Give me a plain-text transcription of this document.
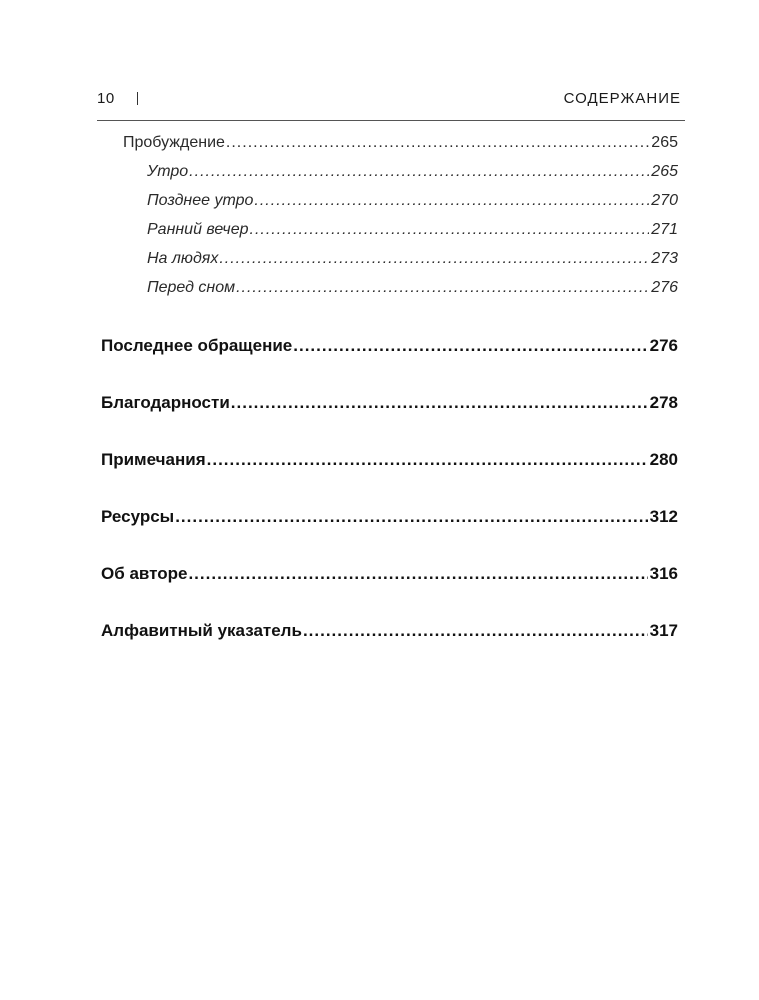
10	СОДЕРЖАНИЕ
Пробуждение .....	265
Утро .....	265
Позднее утро .....	270
Ранний вечер .....	271
На людях .....	273
Перед сном .....	276
Последнее обращение .....	276
Благодарности .....	278
Примечания .....	280
Ресурсы .....	312
Об авторе .....	316
Алфавитный указатель .....	317
